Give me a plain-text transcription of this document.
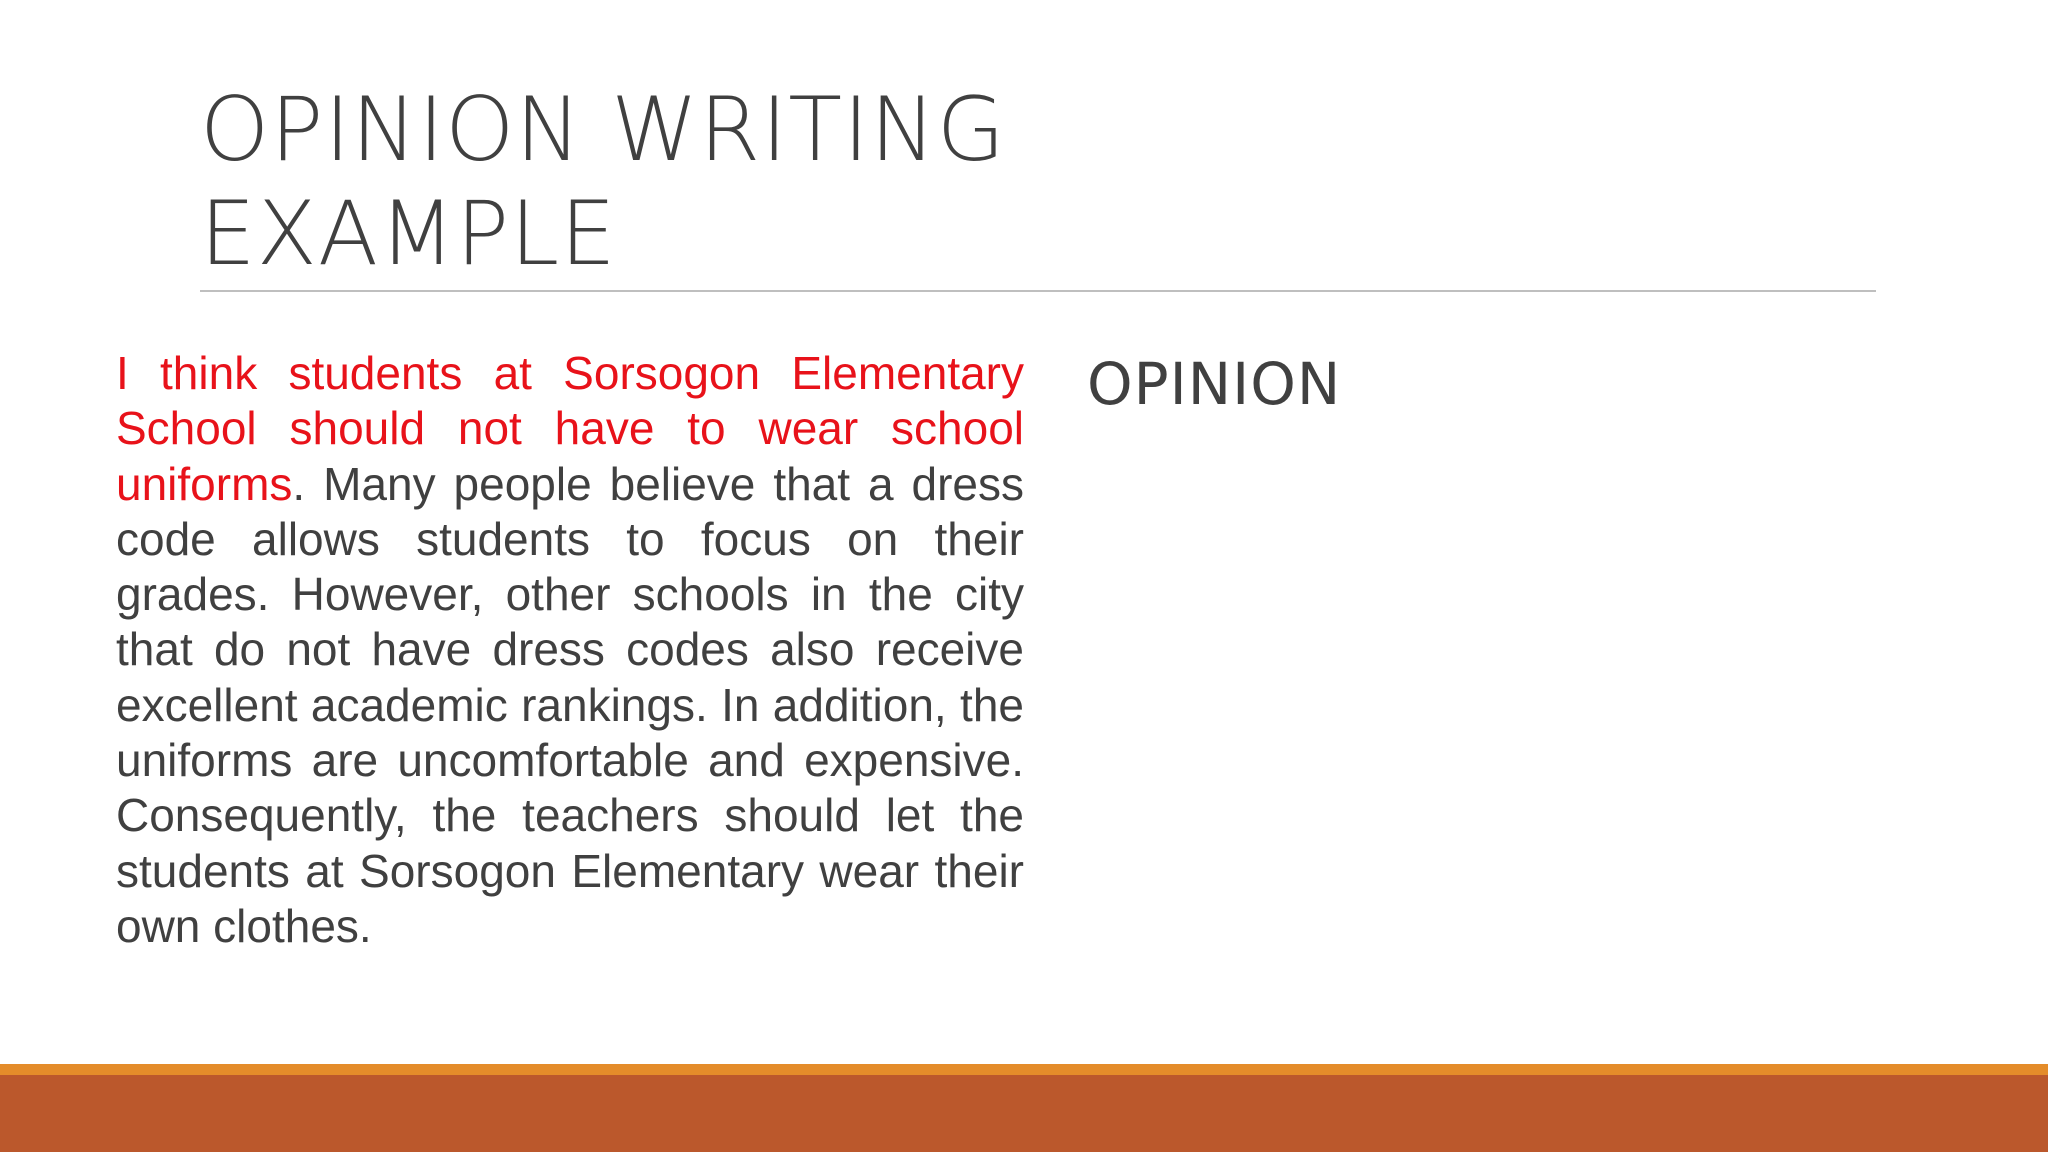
OPINION WRITING
EXAMPLE

I think students at Sorsogon Elementary School should not have to wear school uniforms. Many people believe that a dress code allows students to focus on their grades. However, other schools in the city that do not have dress codes also receive excellent academic rankings. In addition, the uniforms are uncomfortable and expensive. Consequently, the teachers should let the students at Sorsogon Elementary wear their own clothes.

OPINION
